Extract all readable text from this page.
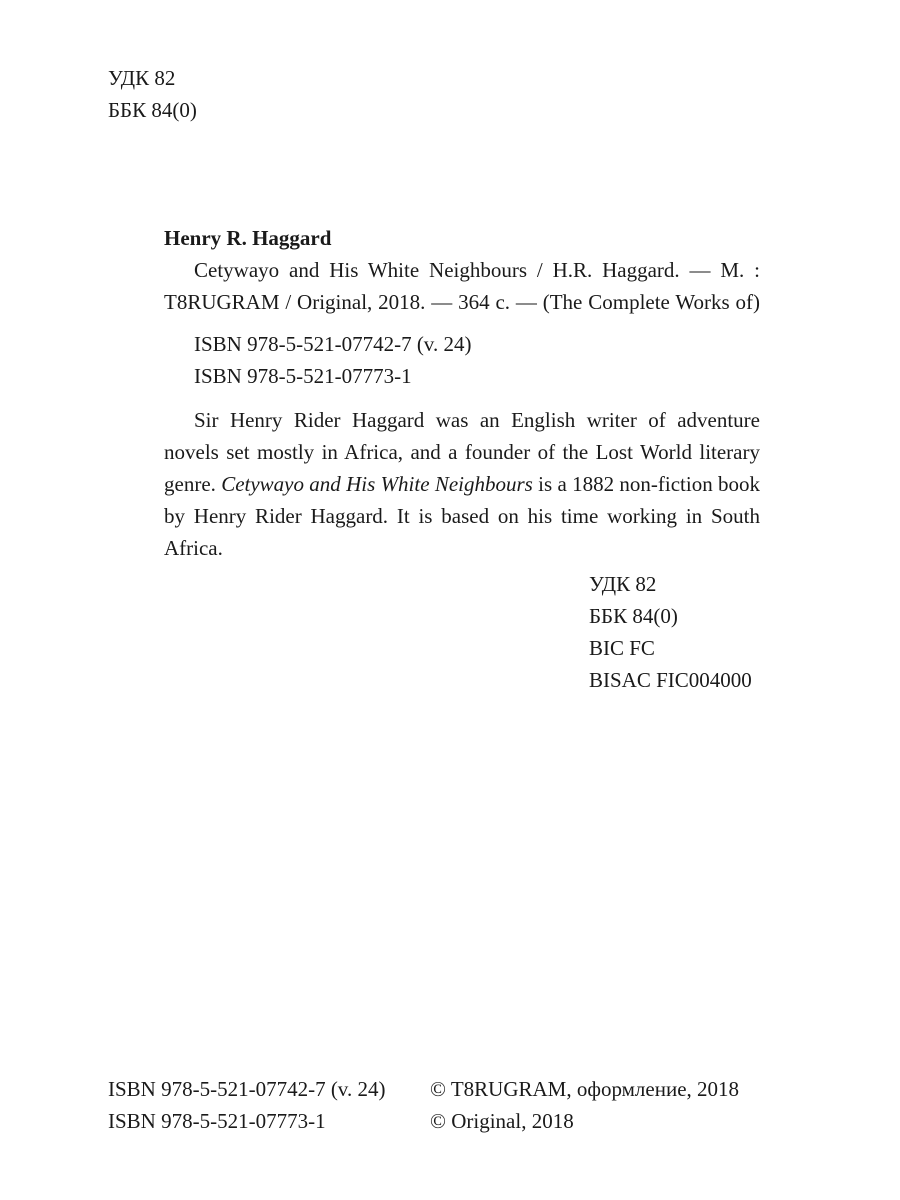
УДК 82
ББК 84(0)
Henry R. Haggard
Cetywayo and His White Neighbours / H.R. Haggard. — M. :
T8RUGRAM / Original, 2018. — 364 с. — (The Complete Works of)
ISBN 978-5-521-07742-7 (v. 24)
ISBN 978-5-521-07773-1

Sir Henry Rider Haggard was an English writer of adventure novels set mostly in Africa, and a founder of the Lost World literary genre. Cetywayo and His White Neighbours is a 1882 non-fiction book by Henry Rider Haggard. It is based on his time working in South Africa.

УДК 82
ББК 84(0)
BIC FC
BISAC FIC004000
ISBN 978-5-521-07742-7 (v. 24)
ISBN 978-5-521-07773-1
© T8RUGRAM, оформление, 2018
© Original, 2018
